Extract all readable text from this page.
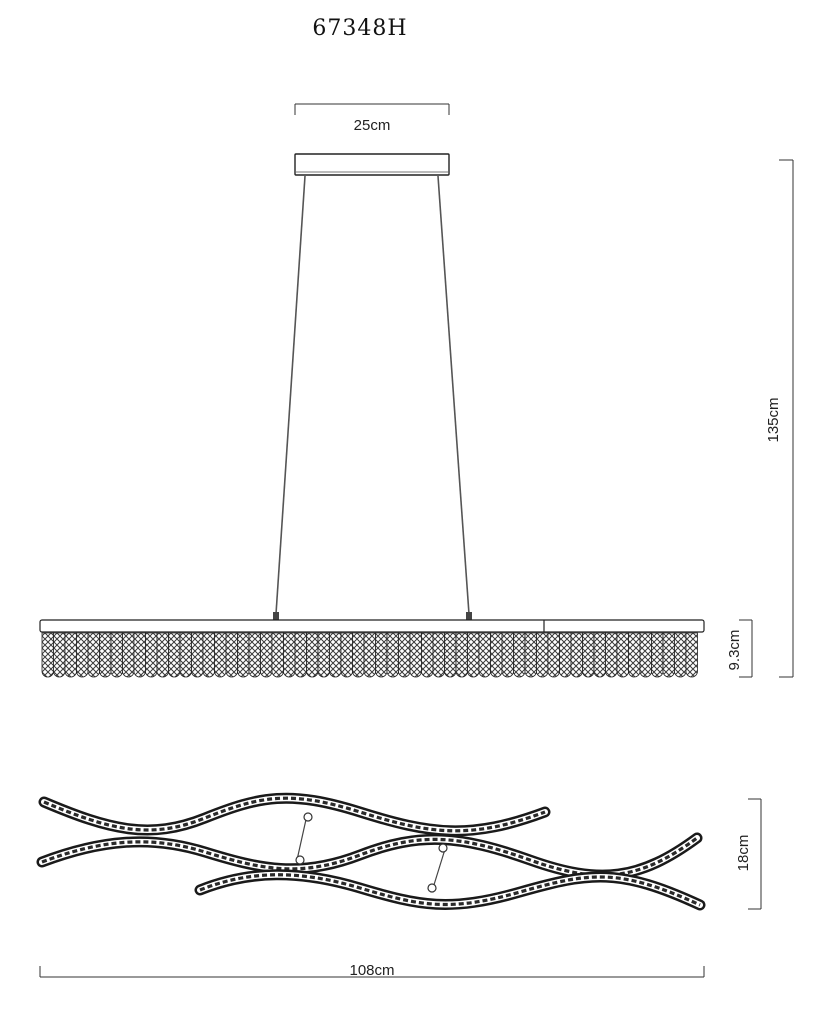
67348H
25cm
135cm
9.3cm
18cm
108cm
